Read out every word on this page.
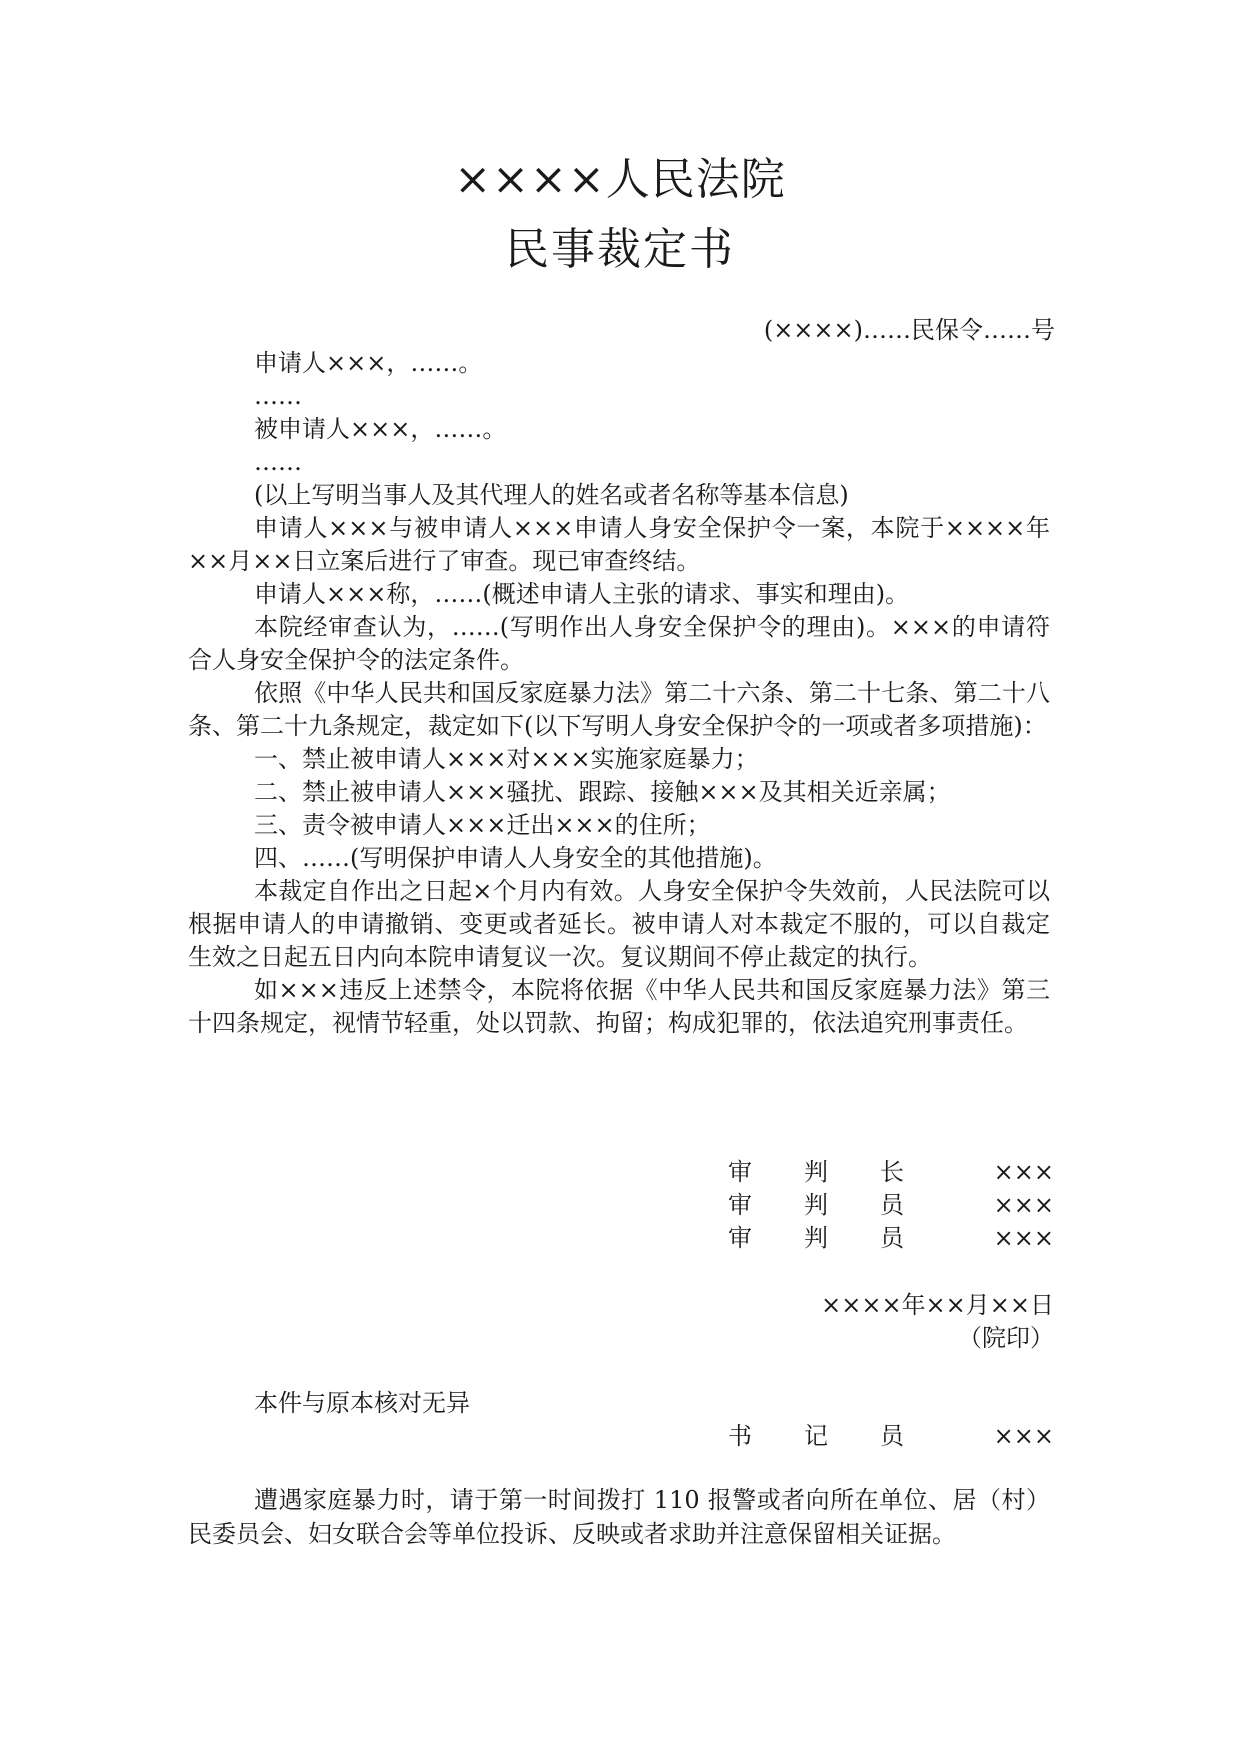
××××人民法院
民事裁定书
(××××)……民保令……号

申请人×××，……。

……

被申请人×××，……。

……

(以上写明当事人及其代理人的姓名或者名称等基本信息)

申请人×××与被申请人×××申请人身安全保护令一案，本院于××××年××月××日立案后进行了审查。现已审查终结。

申请人×××称，……(概述申请人主张的请求、事实和理由)。

本院经审查认为，……(写明作出人身安全保护令的理由)。×××的申请符合人身安全保护令的法定条件。

依照《中华人民共和国反家庭暴力法》第二十六条、第二十七条、第二十八条、第二十九条规定，裁定如下(以下写明人身安全保护令的一项或者多项措施)：

一、禁止被申请人×××对×××实施家庭暴力；

二、禁止被申请人×××骚扰、跟踪、接触×××及其相关近亲属；

三、责令被申请人×××迁出×××的住所；

四、……(写明保护申请人人身安全的其他措施)。

本裁定自作出之日起×个月内有效。人身安全保护令失效前，人民法院可以根据申请人的申请撤销、变更或者延长。被申请人对本裁定不服的，可以自裁定生效之日起五日内向本院申请复议一次。复议期间不停止裁定的执行。

如×××违反上述禁令，本院将依据《中华人民共和国反家庭暴力法》第三十四条规定，视情节轻重，处以罚款、拘留；构成犯罪的，依法追究刑事责任。

审 判 长	×××
审 判 员	×××
审 判 员	×××
××××年××月××日
（院印）
本件与原本核对无异
书 记 员	×××

遭遇家庭暴力时，请于第一时间拨打 110 报警或者向所在单位、居（村）民委员会、妇女联合会等单位投诉、反映或者求助并注意保留相关证据。
